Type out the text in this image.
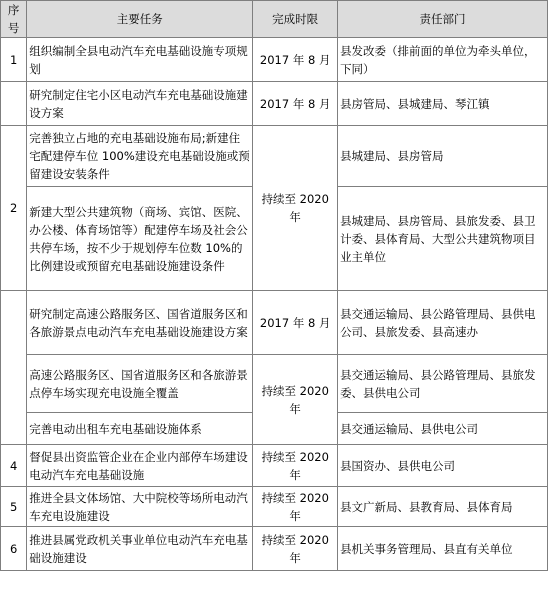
序号	主要任务	完成时限	责任部门
1	组织编制全县电动汽车充电基础设施专项规划	2017 年 8 月	县发改委（排前面的单位为牵头单位，下同）
	研究制定住宅小区电动汽车充电基础设施建设方案	2017 年 8 月	县房管局、县城建局、琴江镇
2	完善独立占地的充电基础设施布局;新建住宅配建停车位 100%建设充电基础设施或预留建设安装条件	持续至 2020 年	县城建局、县房管局
	新建大型公共建筑物（商场、宾馆、医院、办公楼、体育场馆等）配建停车场及社会公共停车场，按不少于规划停车位数 10%的比例建设或预留充电基础设施建设条件		县城建局、县房管局、县旅发委、县卫计委、县体育局、大型公共建筑物项目业主单位
	研究制定高速公路服务区、国省道服务区和各旅游景点电动汽车充电基础设施建设方案	2017 年 8 月	县交通运输局、县公路管理局、县供电公司、县旅发委、县高速办
	高速公路服务区、国省道服务区和各旅游景点停车场实现充电设施全覆盖	持续至 2020 年	县交通运输局、县公路管理局、县旅发委、县供电公司
	完善电动出租车充电基础设施体系		县交通运输局、县供电公司
4	督促县出资监管企业在企业内部停车场建设电动汽车充电基础设施	持续至 2020 年	县国资办、县供电公司
5	推进全县文体场馆、大中院校等场所电动汽车充电设施建设	持续至 2020 年	县文广新局、县教育局、县体育局
6	推进县属党政机关事业单位电动汽车充电基础设施建设	持续至 2020 年	县机关事务管理局、县直有关单位
